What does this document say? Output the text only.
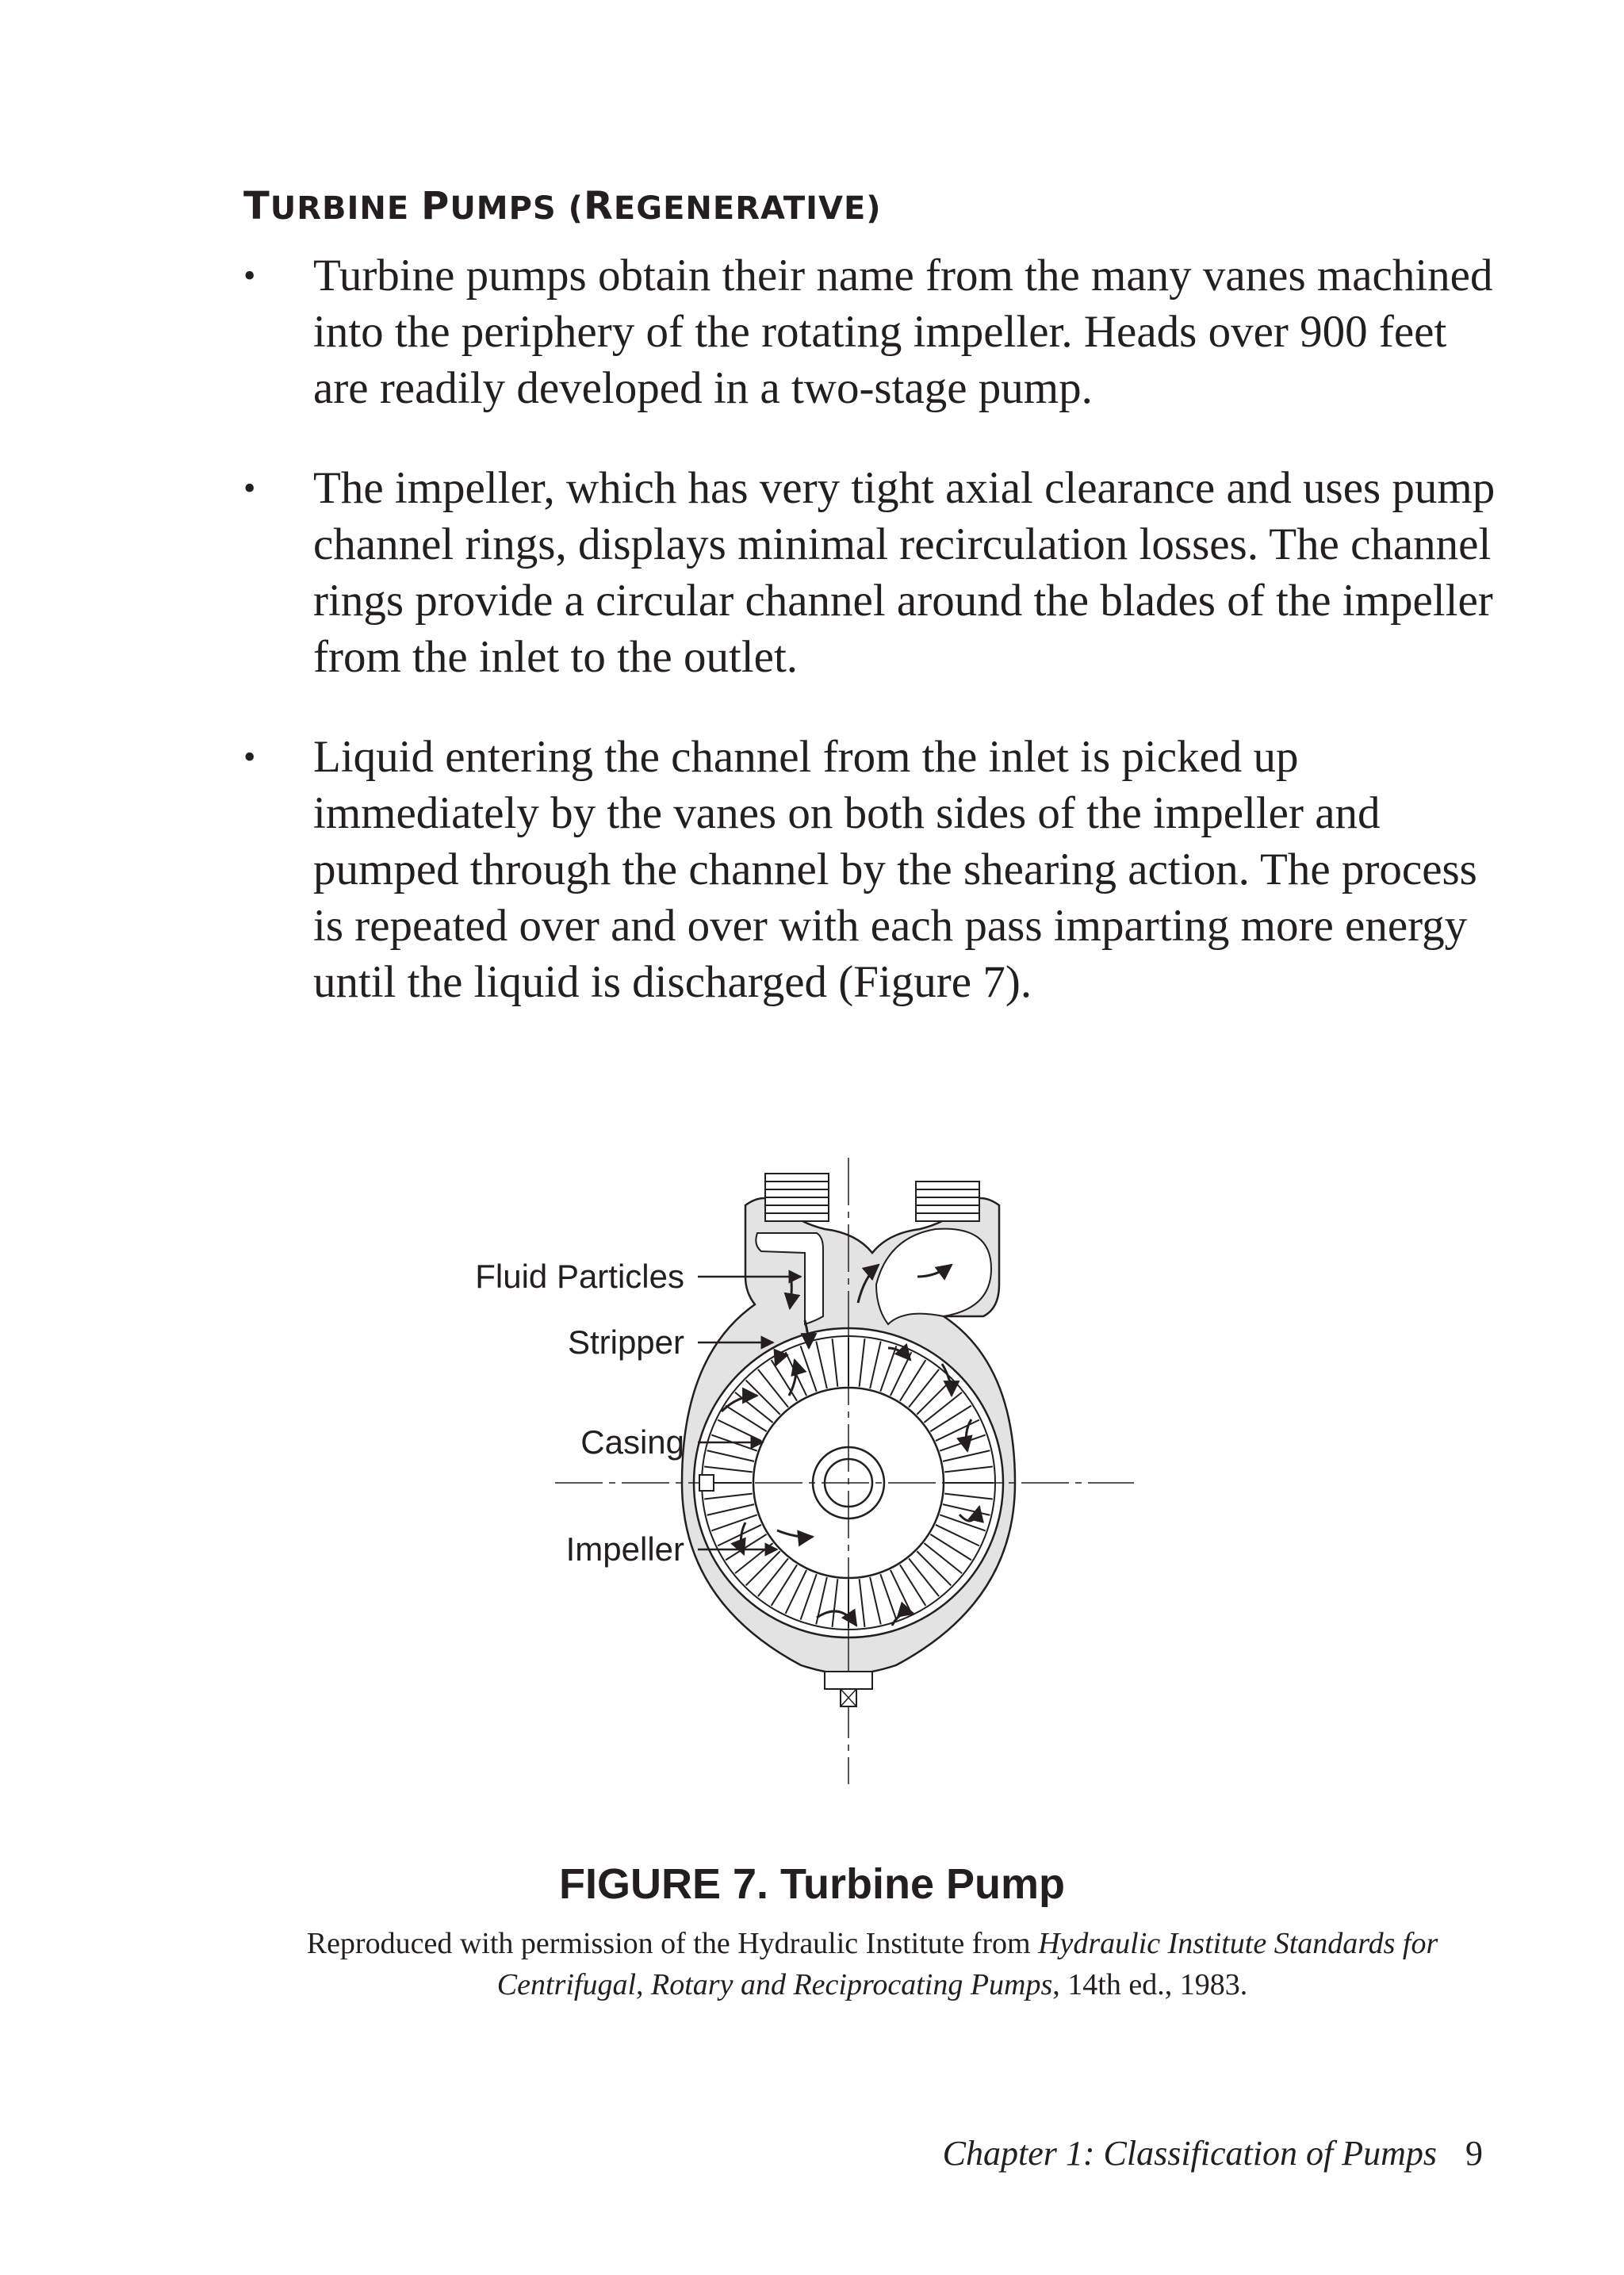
TURBINE PUMPS (REGENERATIVE)
• Turbine pumps obtain their name from the many vanes machined into the periphery of the rotating impeller. Heads over 900 feet are readily developed in a two-stage pump.
• The impeller, which has very tight axial clearance and uses pump channel rings, displays minimal recirculation losses. The channel rings provide a circular channel around the blades of the impeller from the inlet to the outlet.
• Liquid entering the channel from the inlet is picked up immediately by the vanes on both sides of the impeller and pumped through the channel by the shearing action. The process is repeated over and over with each pass imparting more energy until the liquid is discharged (Figure 7).
Fluid Particles
Stripper
Casing
Impeller
FIGURE 7. Turbine Pump

Reproduced with permission of the Hydraulic Institute from Hydraulic Institute Standards for Centrifugal, Rotary and Reciprocating Pumps, 14th ed., 1983.

Chapter 1: Classification of Pumps 9
